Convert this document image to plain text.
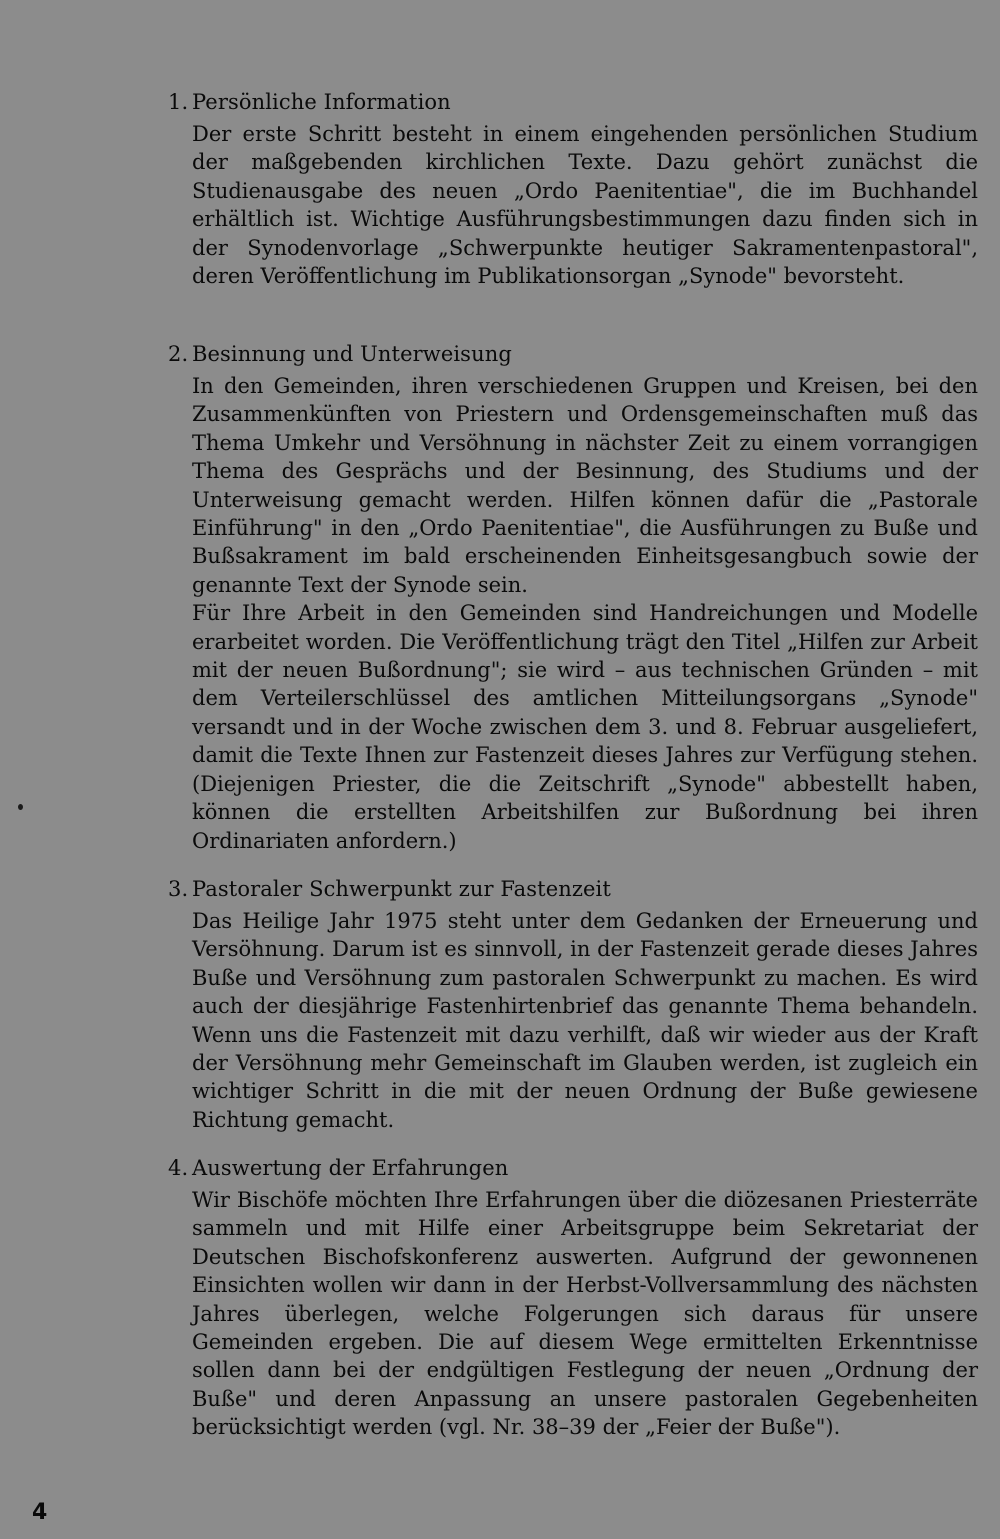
1. Persönliche Information

Der erste Schritt besteht in einem eingehenden persönlichen Studium der maßgebenden kirchlichen Texte. Dazu gehört zunächst die Studienausgabe des neuen „Ordo Paenitentiae", die im Buchhandel erhältlich ist. Wichtige Ausführungsbestimmungen dazu finden sich in der Synodenvorlage „Schwerpunkte heutiger Sakramentenpastoral", deren Veröffentlichung im Publikationsorgan „Synode" bevorsteht.

2. Besinnung und Unterweisung

In den Gemeinden, ihren verschiedenen Gruppen und Kreisen, bei den Zusammenkünften von Priestern und Ordensgemeinschaften muß das Thema Umkehr und Versöhnung in nächster Zeit zu einem vorrangigen Thema des Gesprächs und der Besinnung, des Studiums und der Unterweisung gemacht werden. Hilfen können dafür die „Pastorale Einführung" in den „Ordo Paenitentiae", die Ausführungen zu Buße und Bußsakrament im bald erscheinenden Einheitsgesangbuch sowie der genannte Text der Synode sein.

Für Ihre Arbeit in den Gemeinden sind Handreichungen und Modelle erarbeitet worden. Die Veröffentlichung trägt den Titel „Hilfen zur Arbeit mit der neuen Bußordnung"; sie wird – aus technischen Gründen – mit dem Verteilerschlüssel des amtlichen Mitteilungsorgans „Synode" versandt und in der Woche zwischen dem 3. und 8. Februar ausgeliefert, damit die Texte Ihnen zur Fastenzeit dieses Jahres zur Verfügung stehen. (Diejenigen Priester, die die Zeitschrift „Synode" abbestellt haben, können die erstellten Arbeitshilfen zur Bußordnung bei ihren Ordinariaten anfordern.)

3. Pastoraler Schwerpunkt zur Fastenzeit

Das Heilige Jahr 1975 steht unter dem Gedanken der Erneuerung und Versöhnung. Darum ist es sinnvoll, in der Fastenzeit gerade dieses Jahres Buße und Versöhnung zum pastoralen Schwerpunkt zu machen. Es wird auch der diesjährige Fastenhirtenbrief das genannte Thema behandeln. Wenn uns die Fastenzeit mit dazu verhilft, daß wir wieder aus der Kraft der Versöhnung mehr Gemeinschaft im Glauben werden, ist zugleich ein wichtiger Schritt in die mit der neuen Ordnung der Buße gewiesene Richtung gemacht.

4. Auswertung der Erfahrungen

Wir Bischöfe möchten Ihre Erfahrungen über die diözesanen Priesterräte sammeln und mit Hilfe einer Arbeitsgruppe beim Sekretariat der Deutschen Bischofskonferenz auswerten. Aufgrund der gewonnenen Einsichten wollen wir dann in der Herbst-Vollversammlung des nächsten Jahres überlegen, welche Folgerungen sich daraus für unsere Gemeinden ergeben. Die auf diesem Wege ermittelten Erkenntnisse sollen dann bei der endgültigen Festlegung der neuen „Ordnung der Buße" und deren Anpassung an unsere pastoralen Gegebenheiten berücksichtigt werden (vgl. Nr. 38–39 der „Feier der Buße").

4
